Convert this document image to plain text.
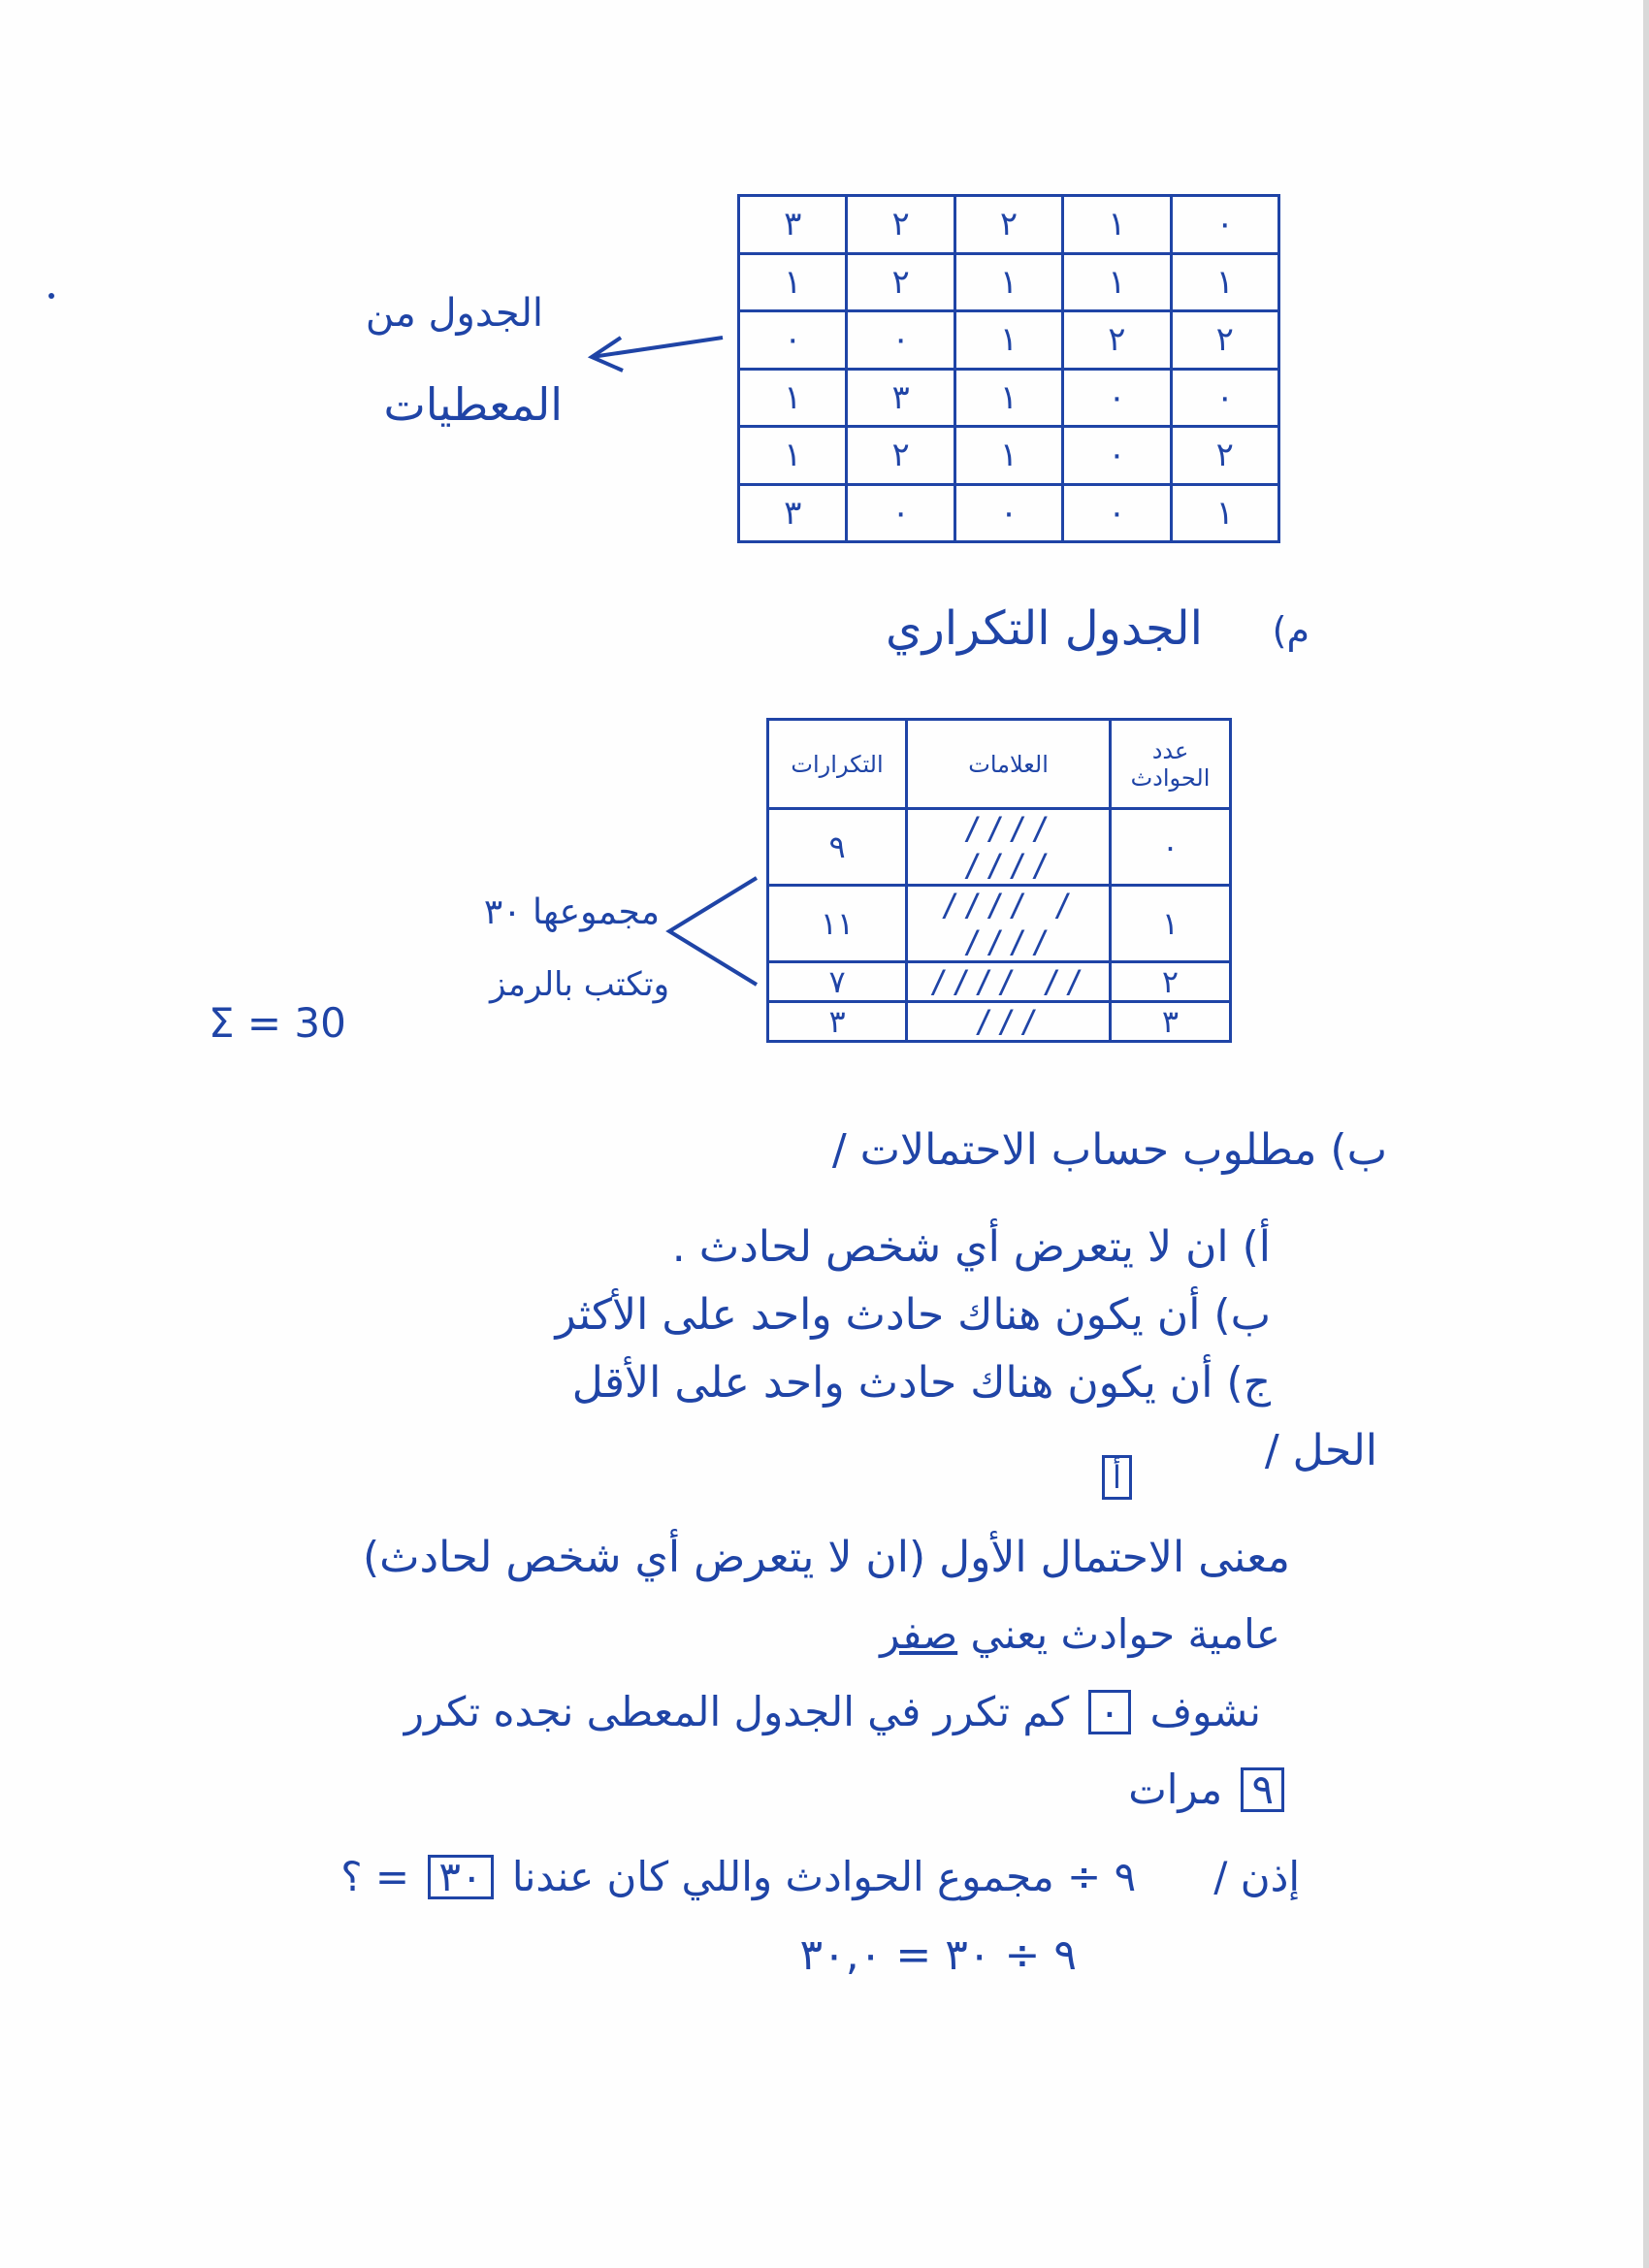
الجدول من
المعطيات
٣	٢	٢	١	٠
١	٢	١	١	١
٠	٠	١	٢	٢
١	٣	١	٠	٠
١	٢	١	٠	٢
٣	٠	٠	٠	١
م)
الجدول التكراري
عدد الحوادث	العلامات	التكرارات
٠	//// ////	٩
١	/ //// ////	١١
٢	// ////	٧
٣	///	٣
مجموعها ٣٠
وتكتب بالرمز
Σ = 30
ب) مطلوب حساب الاحتمالات /
أ) ان لا يتعرض أي شخص لحادث .
ب) أن يكون هناك حادث واحد على الأكثر
ج) أن يكون هناك حادث واحد على الأقل
الحل /
أ
معنى الاحتمال الأول (ان لا يتعرض أي شخص لحادث)
عامية حوادث يعني صفر
نشوف ٠ كم تكرر في الجدول المعطى نجده تكرر
٩ مرات
إذن /      ٩ ÷ مجموع الحوادث واللي كان عندنا ٣٠ = ؟
٩ ÷ ٣٠ = ٣٠,٠
